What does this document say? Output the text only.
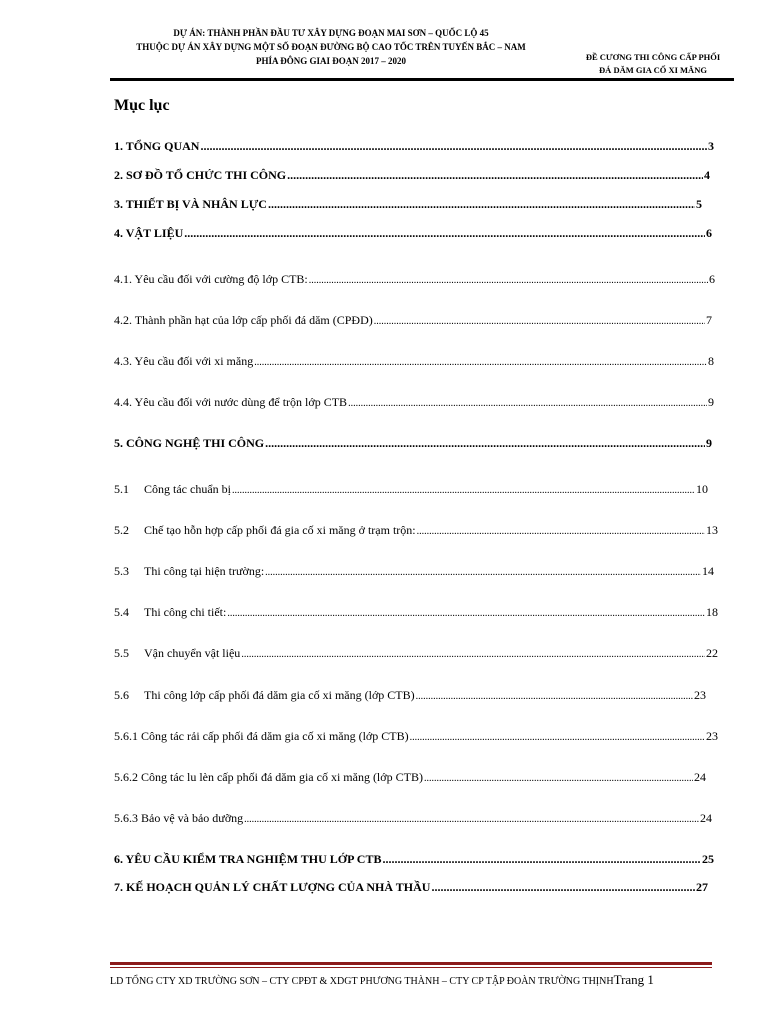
DỰ ÁN: THÀNH PHẦN ĐẦU TƯ XÂY DỰNG ĐOẠN MAI SƠN – QUỐC LỘ 45
THUỘC DỰ ÁN XÂY DỰNG MỘT SỐ ĐOẠN ĐƯỜNG BỘ CAO TỐC TRÊN TUYẾN BẮC – NAM
PHÍA ĐÔNG GIAI ĐOẠN 2017 – 2020	ĐỀ CƯƠNG THI CÔNG CẤP PHỐI
ĐÁ DĂM GIA CỐ XI MĂNG
Mục lục
1. TỔNG QUAN .....	3
2. SƠ ĐỒ TỔ CHỨC THI CÔNG .....	4
3. THIẾT BỊ VÀ NHÂN LỰC .....	5
4. VẬT LIỆU .....	6
4.1. Yêu cầu đối với cường độ lớp CTB: .....	6
4.2. Thành phần hạt của lớp cấp phối đá dăm (CPĐD) .....	7
4.3. Yêu cầu đối với xi măng .....	8
4.4. Yêu cầu đối với nước dùng để trộn lớp CTB .....	9
5. CÔNG NGHỆ THI CÔNG .....	9
5.1 Công tác chuẩn bị .....	10
5.2 Chế tạo hỗn hợp cấp phối đá gia cố xi măng ở trạm trộn: .....	13
5.3 Thi công tại hiện trường: .....	14
5.4 Thi công chi tiết: .....	18
5.5 Vận chuyển vật liệu .....	22
5.6 Thi công lớp cấp phối đá dăm gia cố xi măng (lớp CTB) .....	23
5.6.1 Công tác rải cấp phối đá dăm gia cố xi măng (lớp CTB) .....	23
5.6.2 Công tác lu lèn cấp phối đá dăm gia cố xi măng (lớp CTB) .....	24
5.6.3 Bảo vệ và bảo dưỡng .....	24
6. YÊU CẦU KIỂM TRA NGHIỆM THU LỚP CTB .....	25
7. KẾ HOẠCH QUẢN LÝ CHẤT LƯỢNG CỦA NHÀ THẦU .....	27
LD TỔNG CTY XD TRƯỜNG SƠN – CTY CPĐT & XDGT PHƯƠNG THÀNH – CTY CP TẬP ĐOÀN TRƯỜNG THỊNHTrang 1
